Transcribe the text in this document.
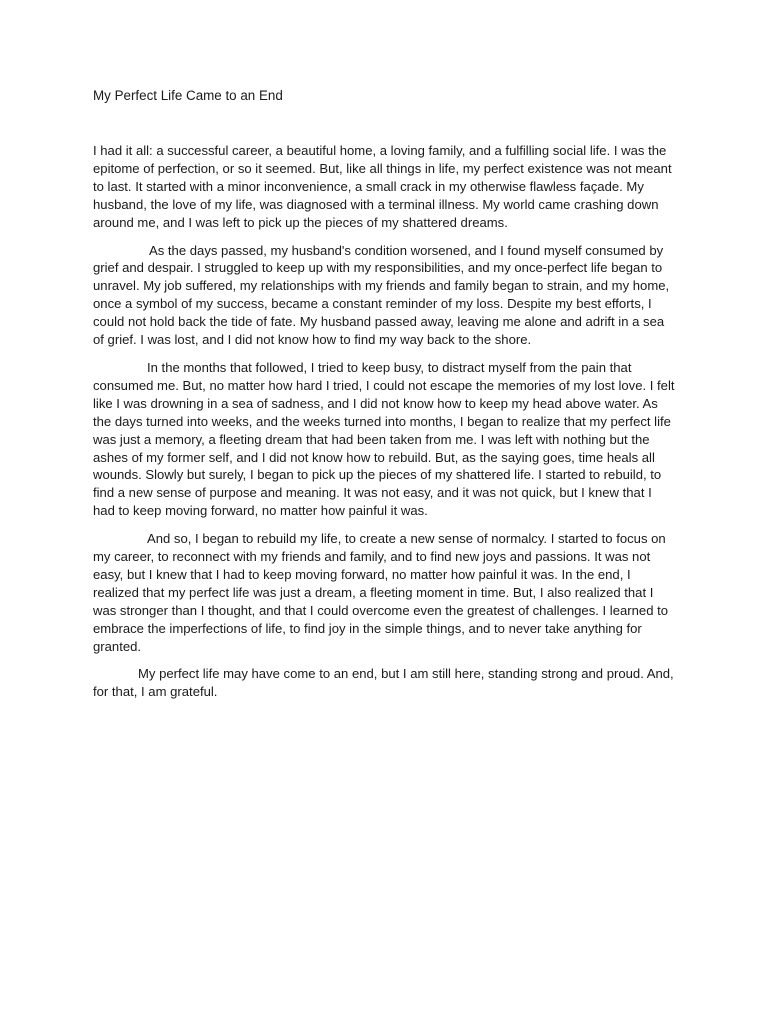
My Perfect Life Came to an End

I had it all: a successful career, a beautiful home, a loving family, and a fulfilling social life. I was the epitome of perfection, or so it seemed. But, like all things in life, my perfect existence was not meant to last. It started with a minor inconvenience, a small crack in my otherwise flawless façade. My husband, the love of my life, was diagnosed with a terminal illness. My world came crashing down around me, and I was left to pick up the pieces of my shattered dreams.

As the days passed, my husband's condition worsened, and I found myself consumed by grief and despair. I struggled to keep up with my responsibilities, and my once-perfect life began to unravel. My job suffered, my relationships with my friends and family began to strain, and my home, once a symbol of my success, became a constant reminder of my loss. Despite my best efforts, I could not hold back the tide of fate. My husband passed away, leaving me alone and adrift in a sea of grief. I was lost, and I did not know how to find my way back to the shore.

In the months that followed, I tried to keep busy, to distract myself from the pain that consumed me. But, no matter how hard I tried, I could not escape the memories of my lost love. I felt like I was drowning in a sea of sadness, and I did not know how to keep my head above water. As the days turned into weeks, and the weeks turned into months, I began to realize that my perfect life was just a memory, a fleeting dream that had been taken from me. I was left with nothing but the ashes of my former self, and I did not know how to rebuild. But, as the saying goes, time heals all wounds. Slowly but surely, I began to pick up the pieces of my shattered life. I started to rebuild, to find a new sense of purpose and meaning. It was not easy, and it was not quick, but I knew that I had to keep moving forward, no matter how painful it was.

And so, I began to rebuild my life, to create a new sense of normalcy. I started to focus on my career, to reconnect with my friends and family, and to find new joys and passions. It was not easy, but I knew that I had to keep moving forward, no matter how painful it was. In the end, I realized that my perfect life was just a dream, a fleeting moment in time. But, I also realized that I was stronger than I thought, and that I could overcome even the greatest of challenges. I learned to embrace the imperfections of life, to find joy in the simple things, and to never take anything for granted.

My perfect life may have come to an end, but I am still here, standing strong and proud. And, for that, I am grateful.
